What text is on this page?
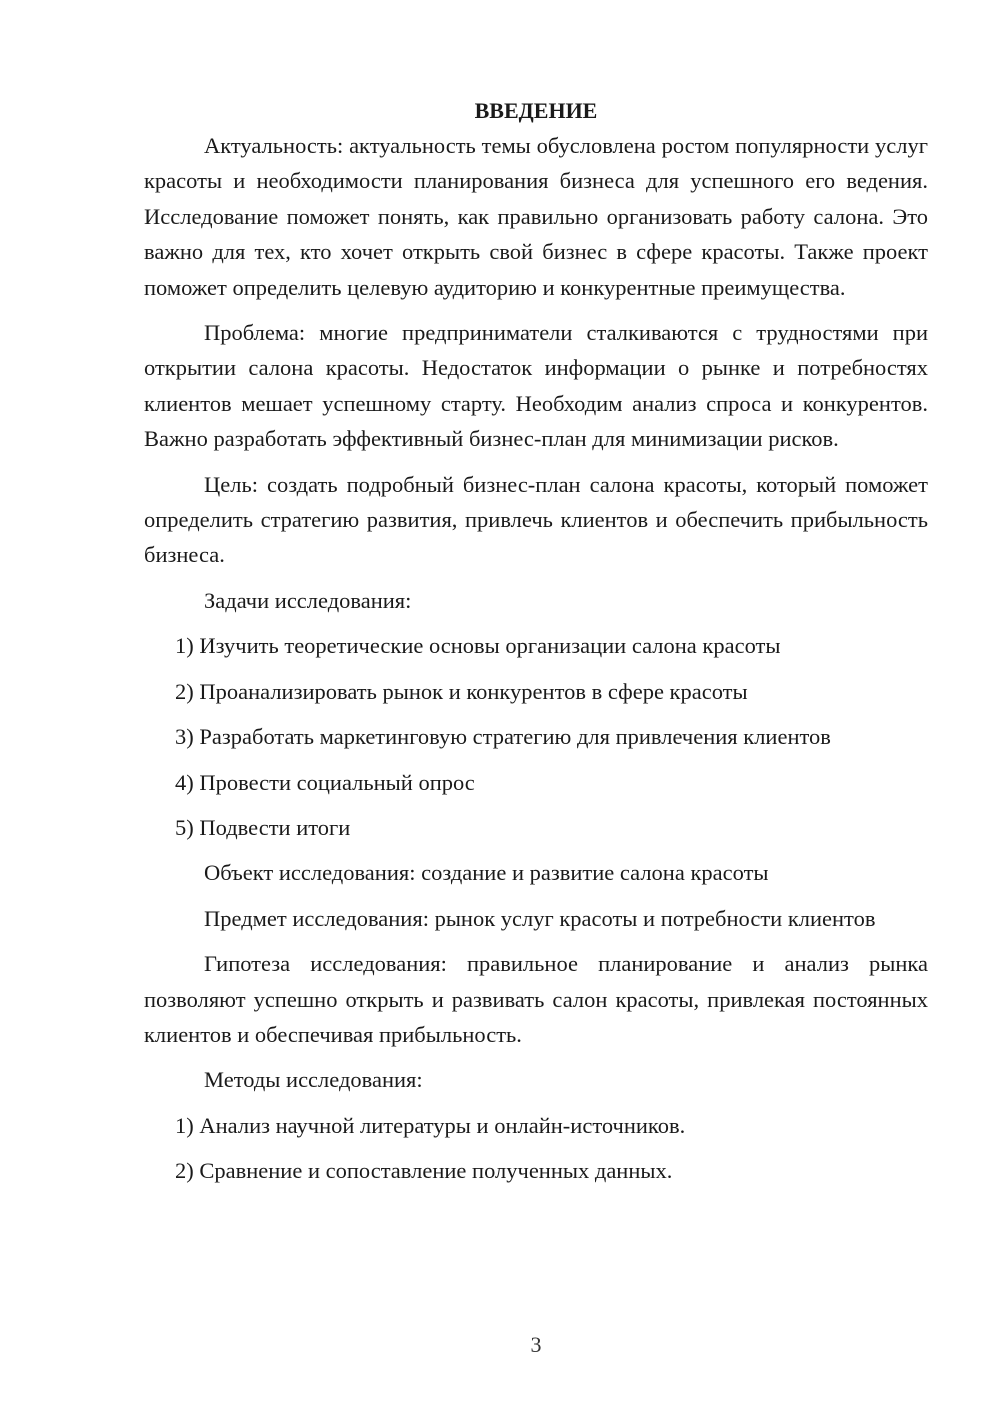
ВВЕДЕНИЕ

Актуальность: актуальность темы обусловлена ростом популярности услуг красоты и необходимости планирования бизнеса для успешного его ведения. Исследование поможет понять, как правильно организовать работу салона. Это важно для тех, кто хочет открыть свой бизнес в сфере красоты. Также проект поможет определить целевую аудиторию и конкурентные преимущества.

Проблема: многие предприниматели сталкиваются с трудностями при открытии салона красоты. Недостаток информации о рынке и потребностях клиентов мешает успешному старту. Необходим анализ спроса и конкурентов. Важно разработать эффективный бизнес-план для минимизации рисков.

Цель: создать подробный бизнес-план салона красоты, который поможет определить стратегию развития, привлечь клиентов и обеспечить прибыльность бизнеса.

Задачи исследования:

1) Изучить теоретические основы организации салона красоты
2) Проанализировать рынок и конкурентов в сфере красоты
3) Разработать маркетинговую стратегию для привлечения клиентов
4) Провести социальный опрос
5) Подвести итоги

Объект исследования: создание и развитие салона красоты

Предмет исследования: рынок услуг красоты и потребности клиентов

Гипотеза исследования: правильное планирование и анализ рынка позволяют успешно открыть и развивать салон красоты, привлекая постоянных клиентов и обеспечивая прибыльность.

Методы исследования:

1) Анализ научной литературы и онлайн-источников.
2) Сравнение и сопоставление полученных данных.
3
